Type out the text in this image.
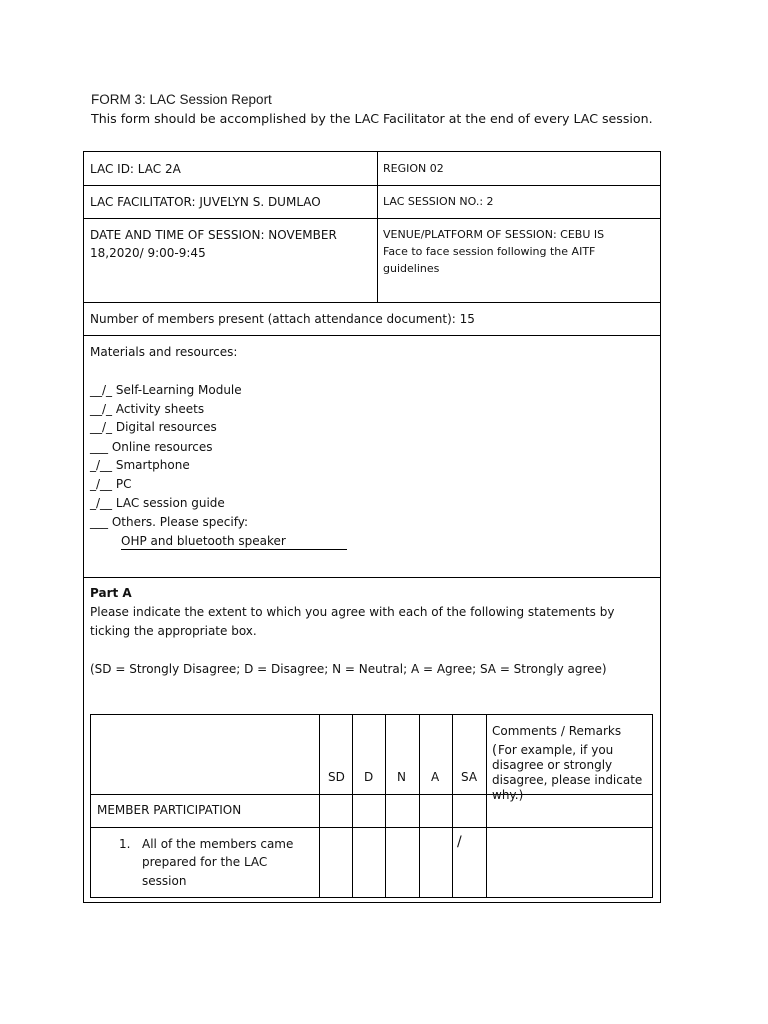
FORM 3: LAC Session Report
This form should be accomplished by the LAC Facilitator at the end of every LAC session.
LAC ID: LAC 2A	REGION 02
LAC FACILITATOR: JUVELYN S. DUMLAO	LAC SESSION NO.: 2
DATE AND TIME OF SESSION: NOVEMBER
18,2020/ 9:00-9:45
VENUE/PLATFORM OF SESSION: CEBU IS
Face to face session following the AITF
guidelines
Number of members present (attach attendance document): 15
Materials and resources:
__/_ Self-Learning Module
__/_ Activity sheets
__/_ Digital resources
___ Online resources
_/__ Smartphone
_/__ PC
_/__ LAC session guide
___ Others. Please specify:
OHP and bluetooth speaker
Part A
Please indicate the extent to which you agree with each of the following statements by
ticking the appropriate box.
(SD = Strongly Disagree; D = Disagree; N = Neutral; A = Agree; SA = Strongly agree)
SD D N A SA
Comments / Remarks
( For example, if you disagree or strongly disagree, please indicate why.)
MEMBER PARTICIPATION
1. All of the members came
prepared for the LAC
session
/
